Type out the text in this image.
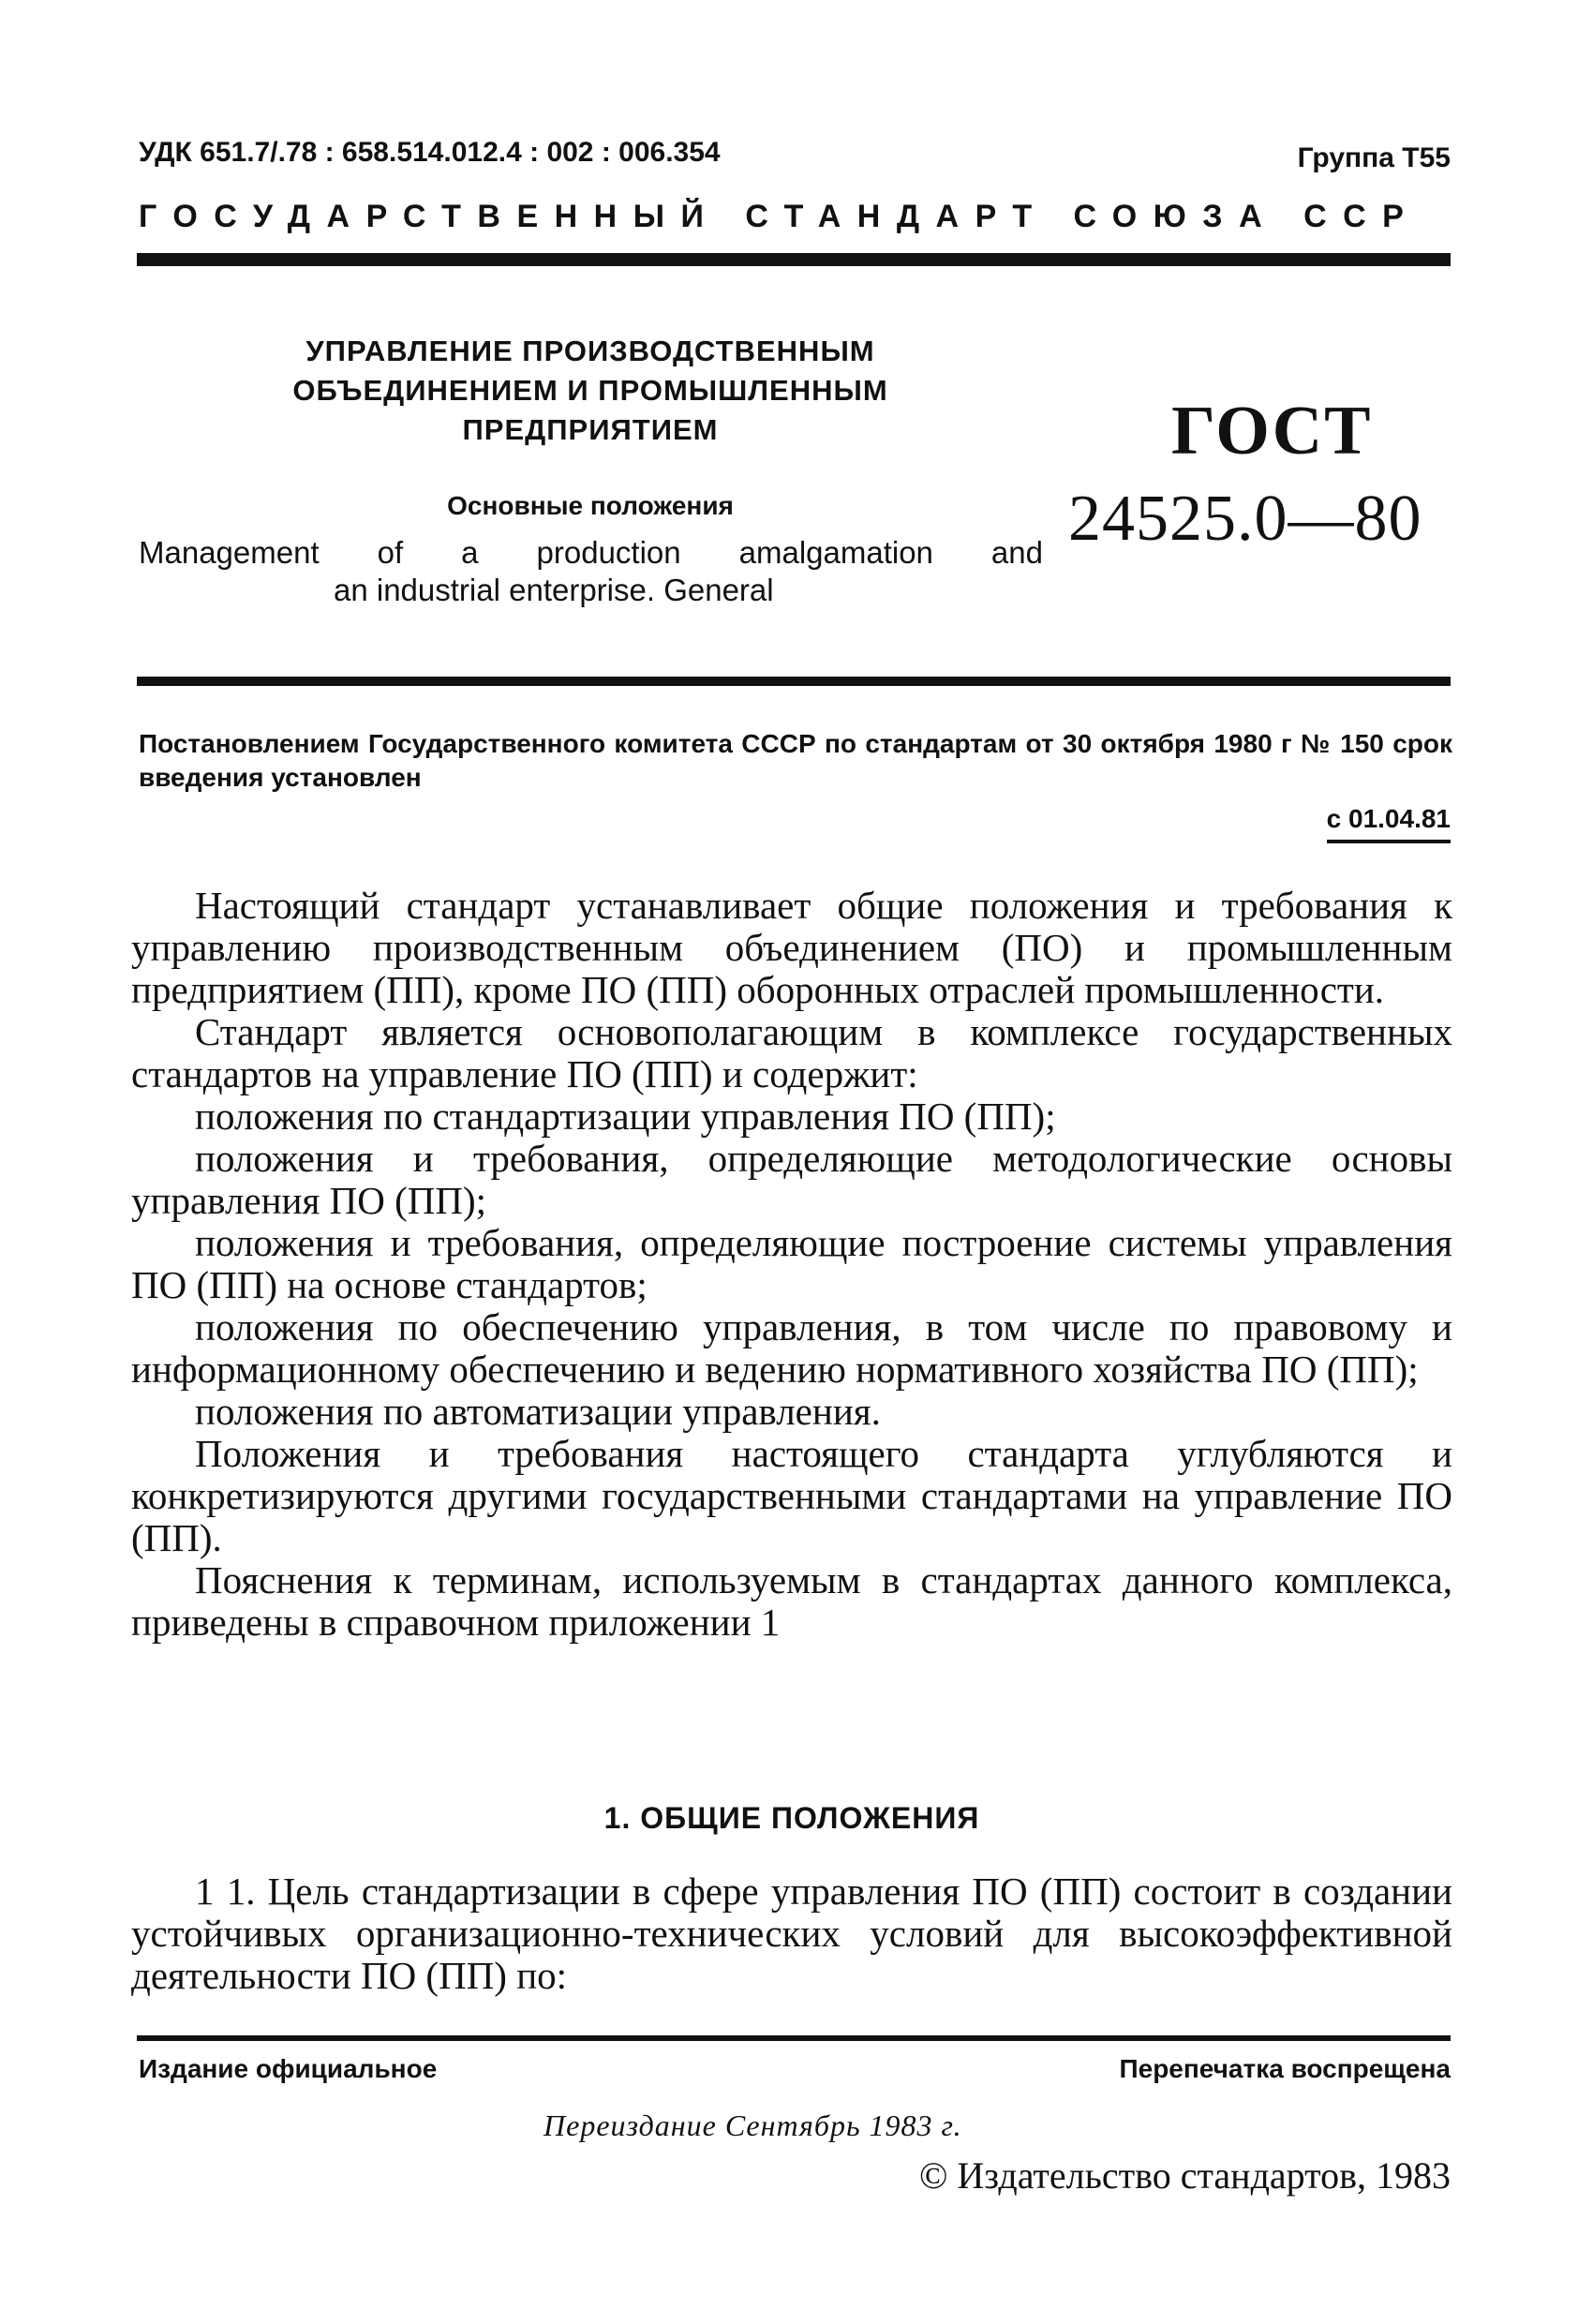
УДК 651.7/.78 : 658.514.012.4 : 002 : 006.354	Группа Т55
ГОСУДАРСТВЕННЫЙ СТАНДАРТ СОЮЗА ССР
УПРАВЛЕНИЕ ПРОИЗВОДСТВЕННЫМ
ОБЪЕДИНЕНИЕМ И ПРОМЫШЛЕННЫМ
ПРЕДПРИЯТИЕМ
Основные положения
Management of a production amalgamation and
an industrial enterprise. General
ГОСТ
24525.0—80
Постановлением Государственного комитета СССР по стандартам от 30 октября 1980 г № 150 срок введения установлен
с 01.04.81

Настоящий стандарт устанавливает общие положения и требования к управлению производственным объединением (ПО) и промышленным предприятием (ПП), кроме ПО (ПП) оборонных отраслей промышленности.

Стандарт является основополагающим в комплексе государственных стандартов на управление ПО (ПП) и содержит:

положения по стандартизации управления ПО (ПП);

положения и требования, определяющие методологические основы управления ПО (ПП);

положения и требования, определяющие построение системы управления ПО (ПП) на основе стандартов;

положения по обеспечению управления, в том числе по правовому и информационному обеспечению и ведению нормативного хозяйства ПО (ПП);

положения по автоматизации управления.

Положения и требования настоящего стандарта углубляются и конкретизируются другими государственными стандартами на управление ПО (ПП).

Пояснения к терминам, используемым в стандартах данного комплекса, приведены в справочном приложении 1

1. ОБЩИЕ ПОЛОЖЕНИЯ

1 1. Цель стандартизации в сфере управления ПО (ПП) состоит в создании устойчивых организационно-технических условий для высокоэффективной деятельности ПО (ПП) по:

Издание официальное	Перепечатка воспрещена
Переиздание Сентябрь 1983 г.
© Издательство стандартов, 1983
